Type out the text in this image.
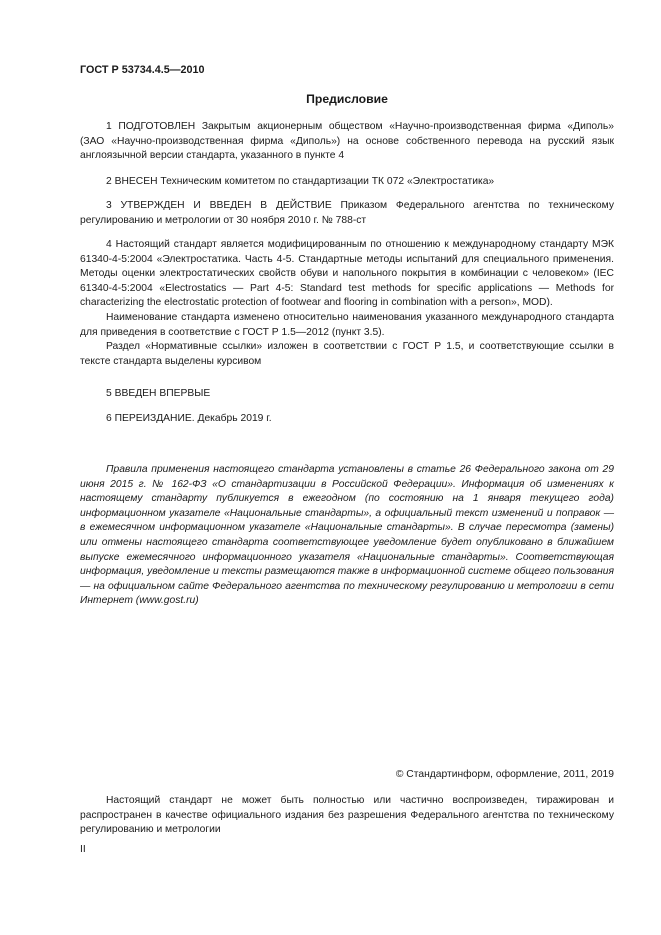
ГОСТ Р 53734.4.5—2010
Предисловие

1 ПОДГОТОВЛЕН Закрытым акционерным обществом «Научно-производственная фирма «Диполь» (ЗАО «Научно-производственная фирма «Диполь») на основе собственного перевода на русский язык англоязычной версии стандарта, указанного в пункте 4

2 ВНЕСЕН Техническим комитетом по стандартизации ТК 072 «Электростатика»

3 УТВЕРЖДЕН И ВВЕДЕН В ДЕЙСТВИЕ Приказом Федерального агентства по техническому регулированию и метрологии от 30 ноября 2010 г. № 788-ст

4 Настоящий стандарт является модифицированным по отношению к международному стандарту МЭК 61340-4-5:2004 «Электростатика. Часть 4-5. Стандартные методы испытаний для специального применения. Методы оценки электростатических свойств обуви и напольного покрытия в комбинации с человеком» (IEC 61340-4-5:2004 «Electrostatics — Part 4-5: Standard test methods for specific applications — Methods for characterizing the electrostatic protection of footwear and flooring in combination with a person», MOD).

Наименование стандарта изменено относительно наименования указанного международного стандарта для приведения в соответствие с ГОСТ Р 1.5—2012 (пункт 3.5).

Раздел «Нормативные ссылки» изложен в соответствии с ГОСТ Р 1.5, и соответствующие ссылки в тексте стандарта выделены курсивом

5 ВВЕДЕН ВПЕРВЫЕ

6 ПЕРЕИЗДАНИЕ. Декабрь 2019 г.

Правила применения настоящего стандарта установлены в статье 26 Федерального закона от 29 июня 2015 г. № 162-ФЗ «О стандартизации в Российской Федерации». Информация об изменениях к настоящему стандарту публикуется в ежегодном (по состоянию на 1 января текущего года) информационном указателе «Национальные стандарты», а официальный текст изменений и поправок — в ежемесячном информационном указателе «Национальные стандарты». В случае пересмотра (замены) или отмены настоящего стандарта соответствующее уведомление будет опубликовано в ближайшем выпуске ежемесячного информационного указателя «Национальные стандарты». Соответствующая информация, уведомление и тексты размещаются также в информационной системе общего пользования — на официальном сайте Федерального агентства по техническому регулированию и метрологии в сети Интернет (www.gost.ru)

© Стандартинформ, оформление, 2011, 2019

Настоящий стандарт не может быть полностью или частично воспроизведен, тиражирован и распространен в качестве официального издания без разрешения Федерального агентства по техническому регулированию и метрологии

II
